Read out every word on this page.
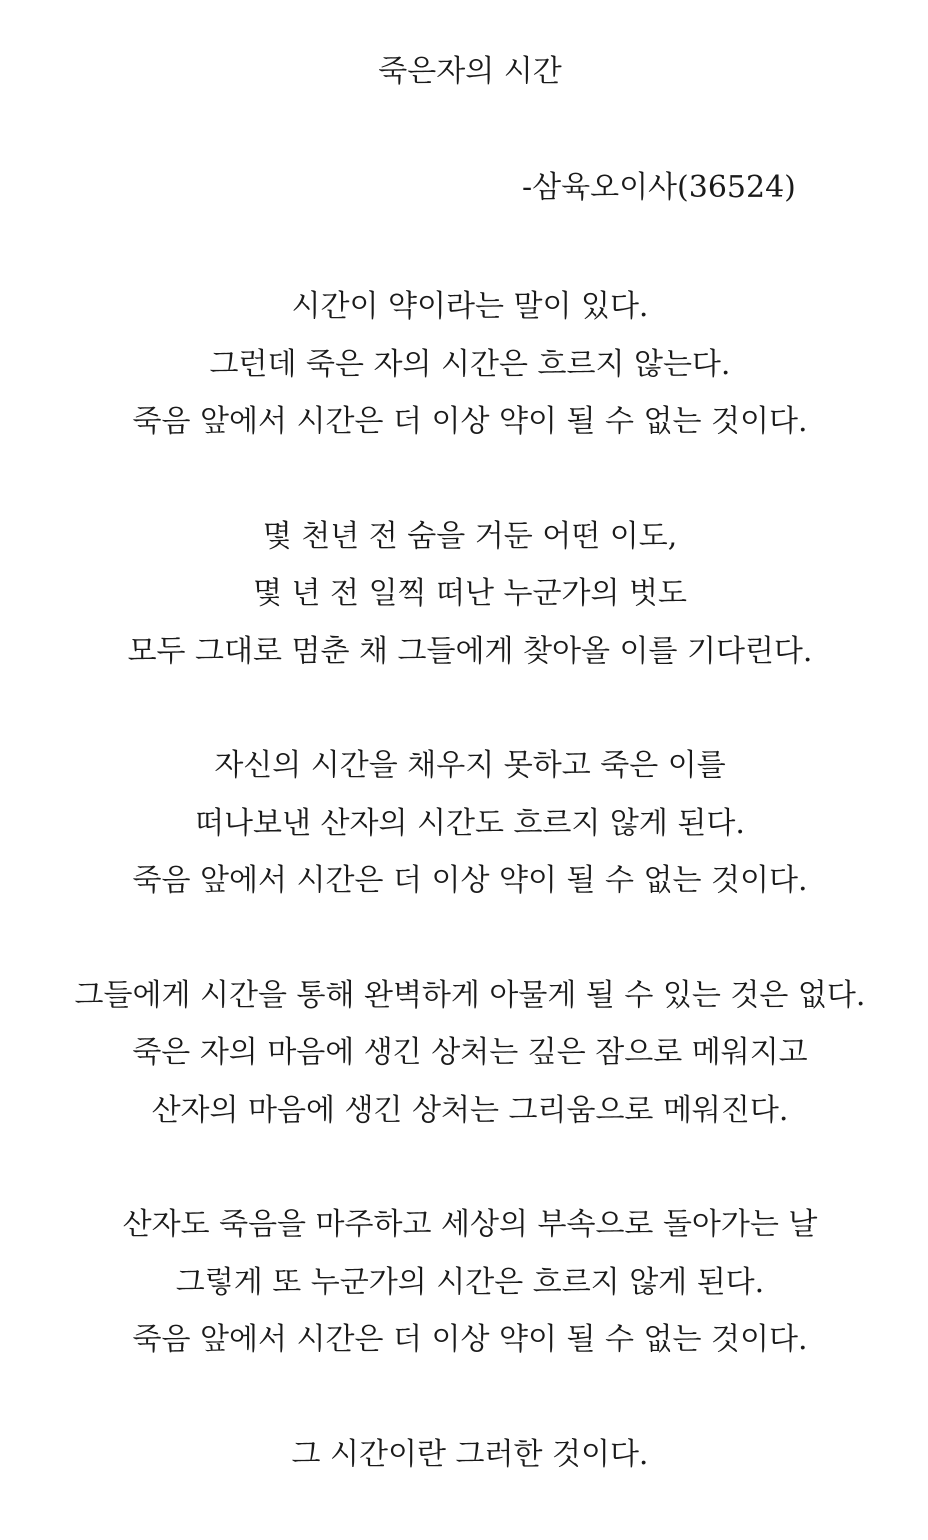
죽은자의 시간
-삼육오이사(36524)
시간이 약이라는 말이 있다.
그런데 죽은 자의 시간은 흐르지 않는다.
죽음 앞에서 시간은 더 이상 약이 될 수 없는 것이다.
몇 천년 전 숨을 거둔 어떤 이도,
몇 년 전 일찍 떠난 누군가의 벗도
모두 그대로 멈춘 채 그들에게 찾아올 이를 기다린다.
자신의 시간을 채우지 못하고 죽은 이를
떠나보낸 산자의 시간도 흐르지 않게 된다.
죽음 앞에서 시간은 더 이상 약이 될 수 없는 것이다.
그들에게 시간을 통해 완벽하게 아물게 될 수 있는 것은 없다.
죽은 자의 마음에 생긴 상처는 깊은 잠으로 메워지고
산자의 마음에 생긴 상처는 그리움으로 메워진다.
산자도 죽음을 마주하고 세상의 부속으로 돌아가는 날
그렇게 또 누군가의 시간은 흐르지 않게 된다.
죽음 앞에서 시간은 더 이상 약이 될 수 없는 것이다.
그 시간이란 그러한 것이다.
